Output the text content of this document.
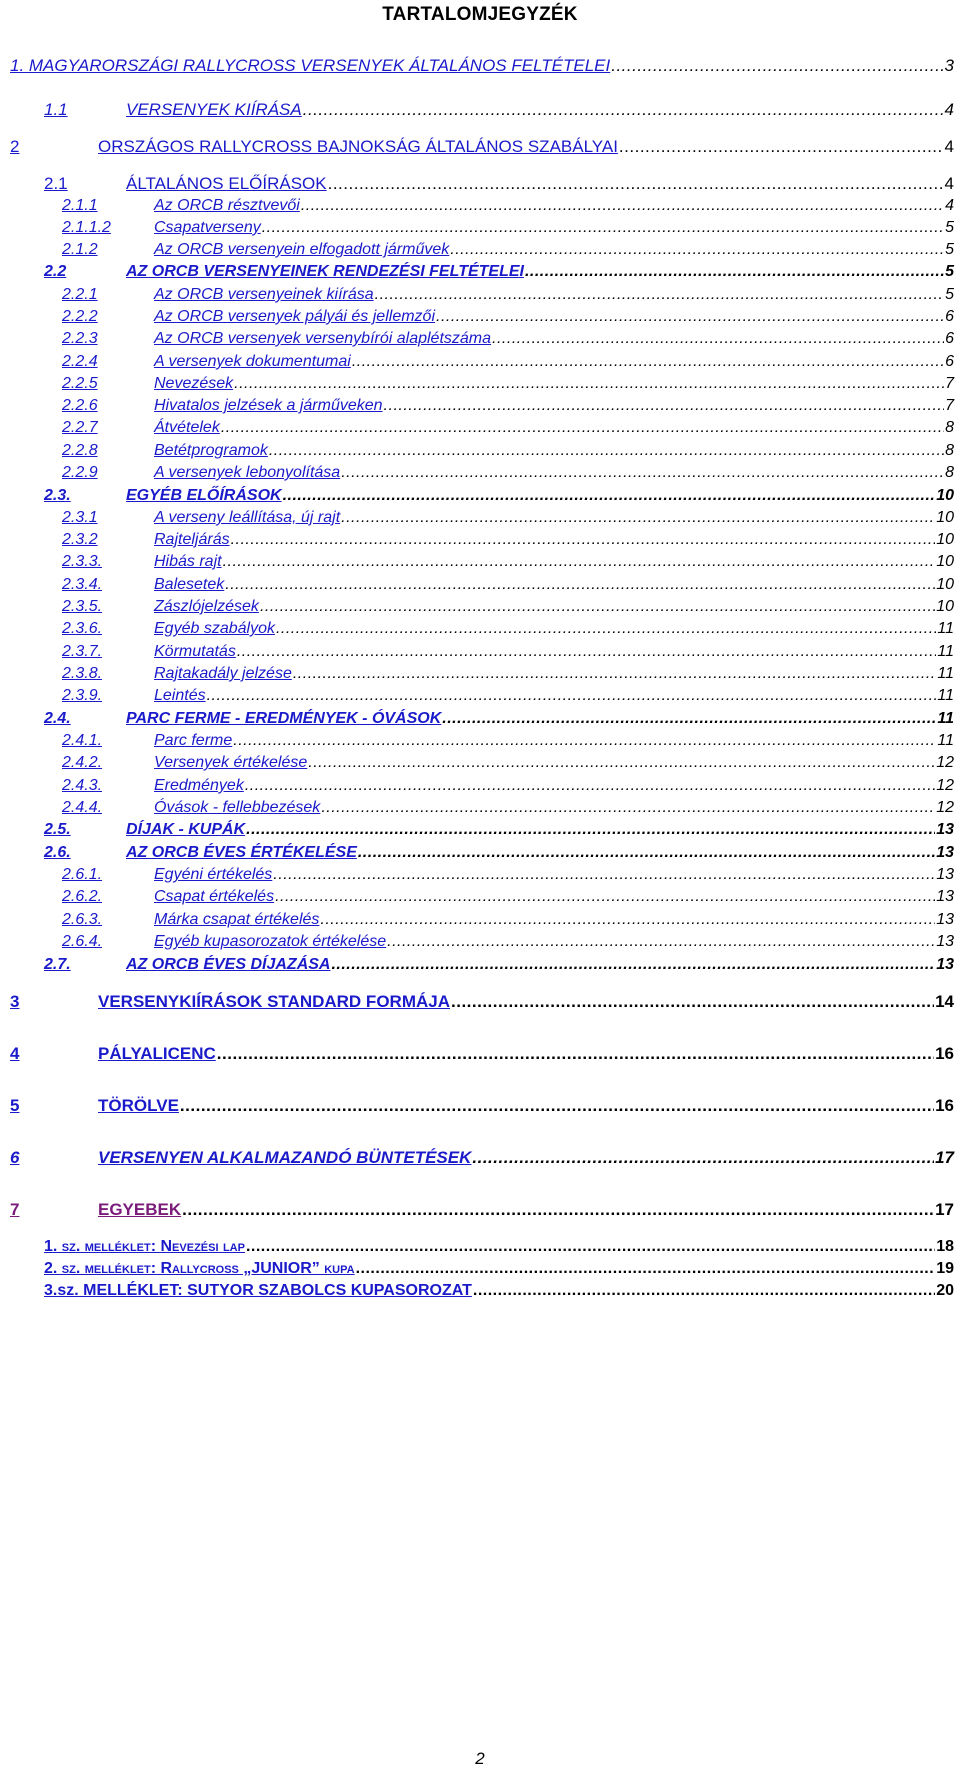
TARTALOMJEGYZÉK
1. MAGYARORSZÁGI RALLYCROSS VERSENYEK ÁLTALÁNOS FELTÉTELEI .....	3
1.1	VERSENYEK KIÍRÁSA .....	4
2	ORSZÁGOS RALLYCROSS BAJNOKSÁG ÁLTALÁNOS SZABÁLYAI .....	4
2.1	ÁLTALÁNOS ELŐÍRÁSOK .....	4
2.1.1	Az ORCB résztvevői .....	4
2.1.1.2	Csapatverseny .....	5
2.1.2	Az ORCB versenyein elfogadott járművek .....	5
2.2	AZ ORCB VERSENYEINEK RENDEZÉSI FELTÉTELEI .....	5
2.2.1	Az ORCB versenyeinek kiírása .....	5
2.2.2	Az ORCB versenyek pályái és jellemzői .....	6
2.2.3	Az ORCB versenyek versenybírói alaplétszáma .....	6
2.2.4	A versenyek dokumentumai .....	6
2.2.5	Nevezések .....	7
2.2.6	Hivatalos jelzések a járműveken .....	7
2.2.7	Átvételek .....	8
2.2.8	Betétprogramok .....	8
2.2.9	A versenyek lebonyolítása .....	8
2.3.	EGYÉB ELŐÍRÁSOK .....	10
2.3.1	A verseny leállítása, új rajt .....	10
2.3.2	Rajteljárás .....	10
2.3.3.	Hibás rajt .....	10
2.3.4.	Balesetek .....	10
2.3.5.	Zászlójelzések .....	10
2.3.6.	Egyéb szabályok .....	11
2.3.7.	Körmutatás .....	11
2.3.8.	Rajtakadály jelzése .....	11
2.3.9.	Leintés .....	11
2.4.	PARC FERME - EREDMÉNYEK - ÓVÁSOK .....	11
2.4.1.	Parc ferme .....	11
2.4.2.	Versenyek értékelése .....	12
2.4.3.	Eredmények .....	12
2.4.4.	Óvások - fellebbezések .....	12
2.5.	DÍJAK - KUPÁK .....	13
2.6.	AZ ORCB ÉVES ÉRTÉKELÉSE .....	13
2.6.1.	Egyéni értékelés .....	13
2.6.2.	Csapat értékelés .....	13
2.6.3.	Márka csapat értékelés .....	13
2.6.4.	Egyéb kupasorozatok értékelése .....	13
2.7.	AZ ORCB ÉVES DÍJAZÁSA .....	13
3	VERSENYKIÍRÁSOK STANDARD FORMÁJA .....	14
4	PÁLYALICENC .....	16
5	TÖRÖLVE .....	16
6	VERSENYEN ALKALMAZANDÓ BÜNTETÉSEK .....	17
7	EGYEBEK .....	17
1. sz. melléklet: Nevezési lap .....	18
2. sz. melléklet: Rallycross „JUNIOR” kupa .....	19
3.sz. MELLÉKLET: SUTYOR SZABOLCS KUPASOROZAT .....	20
2
